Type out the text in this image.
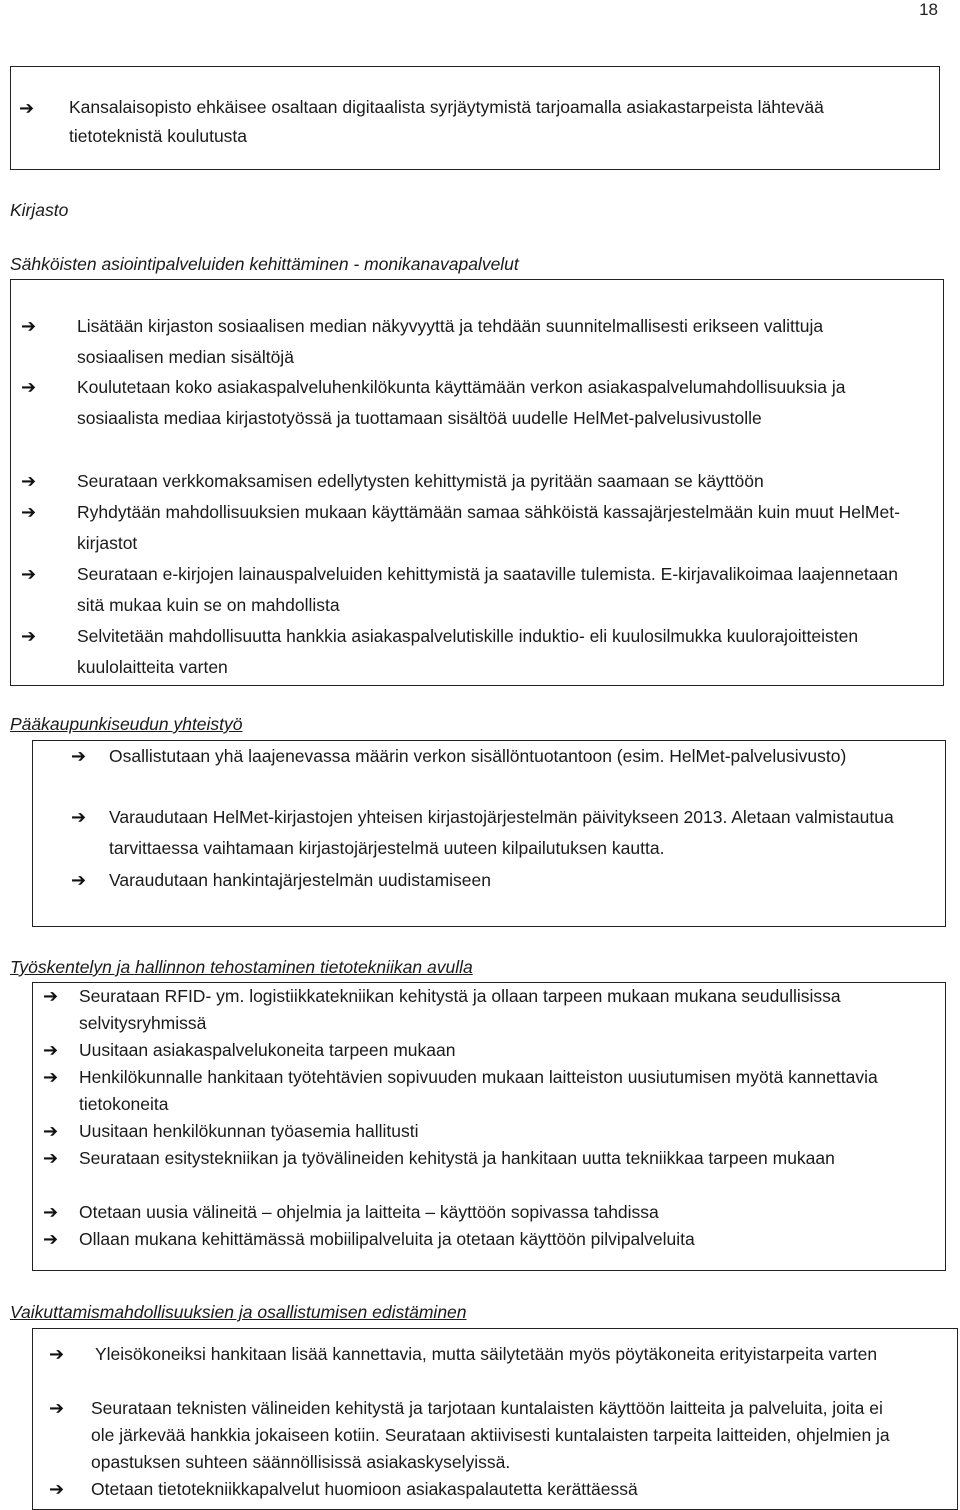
18
➔ Kansalaisopisto ehkäisee osaltaan digitaalista syrjäytymistä tarjoamalla asiakastarpeista lähtevää tietoteknistä koulutusta
Kirjasto
Sähköisten asiointipalveluiden kehittäminen - monikanavapalvelut
➔ Lisätään kirjaston sosiaalisen median näkyvyyttä ja tehdään suunnitelmallisesti erikseen valittuja sosiaalisen median sisältöjä
➔ Koulutetaan koko asiakaspalveluhenkilökunta käyttämään verkon asiakaspalvelumahdollisuuksia ja sosiaalista mediaa kirjastotyössä ja tuottamaan sisältöä uudelle HelMet-palvelusivustolle
➔ Seurataan verkkomaksamisen edellytysten kehittymistä ja pyritään saamaan se käyttöön
➔ Ryhdytään mahdollisuuksien mukaan käyttämään samaa sähköistä kassajärjestelmään kuin muut HelMet-kirjastot
➔ Seurataan e-kirjojen lainauspalveluiden kehittymistä ja saataville tulemista. E-kirjavalikoimaa laajennetaan sitä mukaa kuin se on mahdollista
➔ Selvitetään mahdollisuutta hankkia asiakaspalvelutiskille induktio- eli kuulosilmukka kuulorajoitteisten kuulolaitteita varten
Pääkaupunkiseudun yhteistyö
➔ Osallistutaan yhä laajenevassa määrin verkon sisällöntuotantoon (esim. HelMet-palvelusivusto)
➔ Varaudutaan HelMet-kirjastojen yhteisen kirjastojärjestelmän päivitykseen 2013. Aletaan valmistautua tarvittaessa vaihtamaan kirjastojärjestelmä uuteen kilpailutuksen kautta.
➔ Varaudutaan hankintajärjestelmän uudistamiseen
Työskentelyn ja hallinnon tehostaminen tietotekniikan avulla
➔ Seurataan RFID- ym. logistiikkatekniikan kehitystä ja ollaan tarpeen mukaan mukana seudullisissa selvitysryhmissä
➔ Uusitaan asiakaspalvelukoneita tarpeen mukaan
➔ Henkilökunnalle hankitaan työtehtävien sopivuuden mukaan laitteiston uusiutumisen myötä kannettavia tietokoneita
➔ Uusitaan henkilökunnan työasemia hallitusti
➔ Seurataan esitystekniikan ja työvälineiden kehitystä ja hankitaan uutta tekniikkaa tarpeen mukaan
➔ Otetaan uusia välineitä – ohjelmia ja laitteita – käyttöön sopivassa tahdissa
➔ Ollaan mukana kehittämässä mobiilipalveluita ja otetaan käyttöön pilvipalveluita
Vaikuttamismahdollisuuksien ja osallistumisen edistäminen
➔ Yleisökoneiksi hankitaan lisää kannettavia, mutta säilytetään myös pöytäkoneita erityistarpeita varten
➔ Seurataan teknisten välineiden kehitystä ja tarjotaan kuntalaisten käyttöön laitteita ja palveluita, joita ei ole järkevää hankkia jokaiseen kotiin. Seurataan aktiivisesti kuntalaisten tarpeita laitteiden, ohjelmien ja opastuksen suhteen säännöllisissä asiakaskyselyissä.
➔ Otetaan tietotekniikkapalvelut huomioon asiakaspalautetta kerättäessä
